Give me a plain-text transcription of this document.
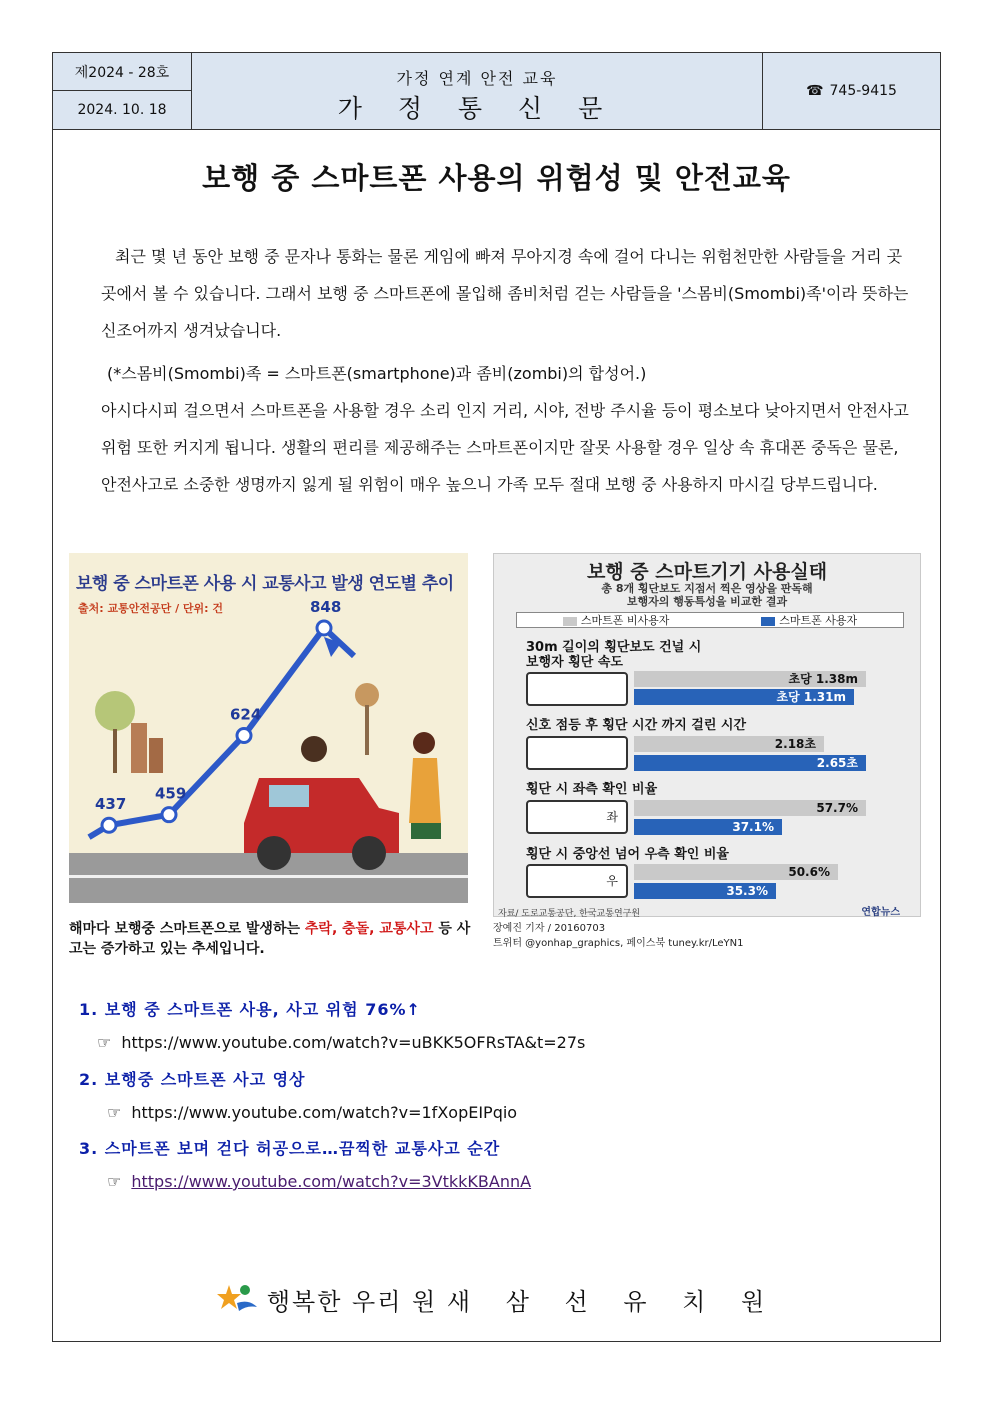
제2024 - 28호
2024. 10. 18
가정 연계 안전 교육
가 정 통 신 문
☎ 745-9415
보행 중 스마트폰 사용의 위험성 및 안전교육
최근 몇 년 동안 보행 중 문자나 통화는 물론 게임에 빠져 무아지경 속에 걸어 다니는 위험천만한 사람들을 거리 곳곳에서 볼 수 있습니다. 그래서 보행 중 스마트폰에 몰입해 좀비처럼 걷는 사람들을 '스몸비(Smombi)족'이라 뜻하는 신조어까지 생겨났습니다.
(*스몸비(Smombi)족 = 스마트폰(smartphone)과 좀비(zombi)의 합성어.)
아시다시피 걸으면서 스마트폰을 사용할 경우 소리 인지 거리, 시야, 전방 주시율 등이 평소보다 낮아지면서 안전사고 위험 또한 커지게 됩니다. 생활의 편리를 제공해주는 스마트폰이지만 잘못 사용할 경우 일상 속 휴대폰 중독은 물론, 안전사고로 소중한 생명까지 잃게 될 위험이 매우 높으니 가족 모두 절대 보행 중 사용하지 마시길 당부드립니다.
437
459
624
848
보행 중 스마트폰 사용 시 교통사고 발생 연도별 추이
출처: 교통안전공단 / 단위: 건
해마다 보행중 스마트폰으로 발생하는 추락, 충돌, 교통사고 등 사고는 증가하고 있는 추세입니다.
보행 중 스마트기기 사용실태
총 8개 횡단보도 지점서 찍은 영상을 판독해
보행자의 행동특성을 비교한 결과
스마트폰 비사용자	스마트폰 사용자
30m 길이의 횡단보도 건널 시
보행자 횡단 속도
초당 1.38m
초당 1.31m
신호 점등 후 횡단 시간 까지 걸린 시간
2.18초
2.65초
횡단 시 좌측 확인 비율
좌
57.7%
37.1%
횡단 시 중앙선 넘어 우측 확인 비율
우
50.6%
35.3%
자료/ 도로교통공단, 한국교통연구원	연합뉴스
장예진 기자 / 20160703
트위터 @yonhap_graphics, 페이스북 tuney.kr/LeYN1
1. 보행 중 스마트폰 사용, 사고 위험 76%↑
☞ https://www.youtube.com/watch?v=uBKK5OFRsTA&t=27s
2. 보행중 스마트폰 사고 영상
☞ https://www.youtube.com/watch?v=1fXopEIPqio
3. 스마트폰 보며 걷다 허공으로…끔찍한 교통사고 순간
☞ https://www.youtube.com/watch?v=3VtkkKBAnnA
행복한 우리 원 새 삼 선 유 치 원
